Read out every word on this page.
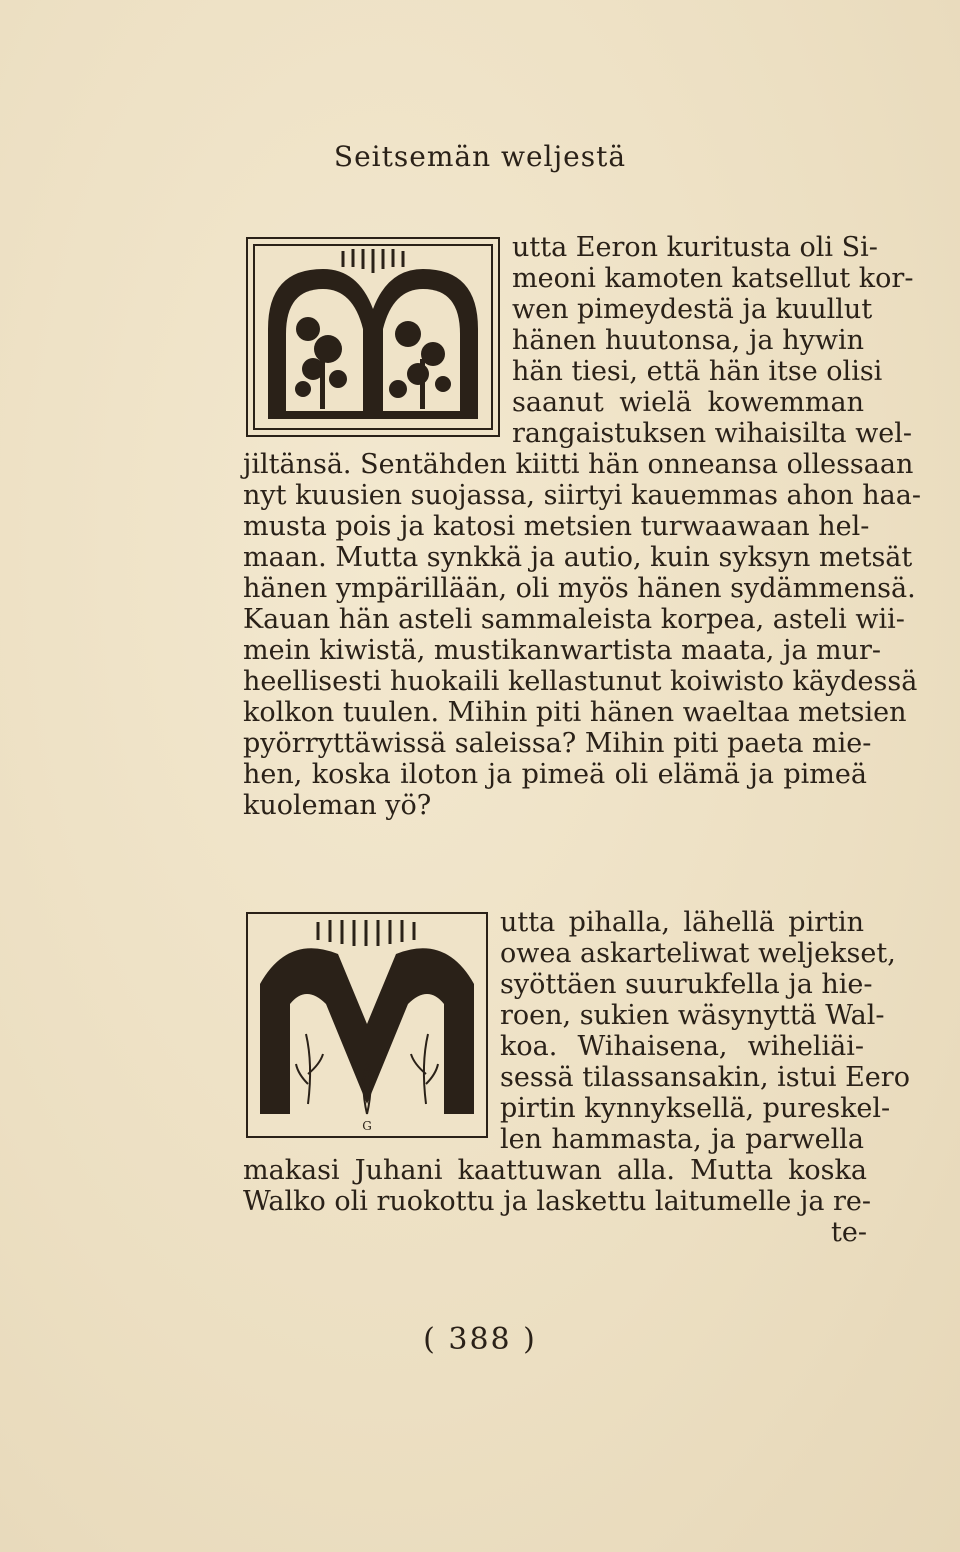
Seitsemän weljestä
utta Eeron kuritusta oli Si-
meoni kamoten katsellut kor-
wen pimeydestä ja kuullut
hänen huutonsa, ja hywin
hän tiesi, että hän itse olisi
saanut wielä kowemman
rangaistuksen wihaisilta wel-
jiltänsä. Sentähden kiitti hän onneansa ollessaan
nyt kuusien suojassa, siirtyi kauemmas ahon haa-
musta pois ja katosi metsien turwaawaan hel-
maan. Mutta synkkä ja autio, kuin syksyn metsät
hänen ympärillään, oli myös hänen sydämmensä.
Kauan hän asteli sammaleista korpea, asteli wii-
mein kiwistä, mustikanwartista maata, ja mur-
heellisesti huokaili kellastunut koiwisto käydessä
kolkon tuulen. Mihin piti hänen waeltaa metsien
pyörryttäwissä saleissa? Mihin piti paeta mie-
hen, koska iloton ja pimeä oli elämä ja pimeä
kuoleman yö?
G
utta pihalla, lähellä pirtin
owea askarteliwat weljekset,
syöttäen suurukfella ja hie-
roen, sukien wäsynyttä Wal-
koa. Wihaisena, wiheliäi-
sessä tilassansakin, istui Eero
pirtin kynnyksellä, pureskel-
len hammasta, ja parwella
makasi Juhani kaattuwan alla. Mutta koska
Walko oli ruokottu ja laskettu laitumelle ja re-
te-
( 388 )
